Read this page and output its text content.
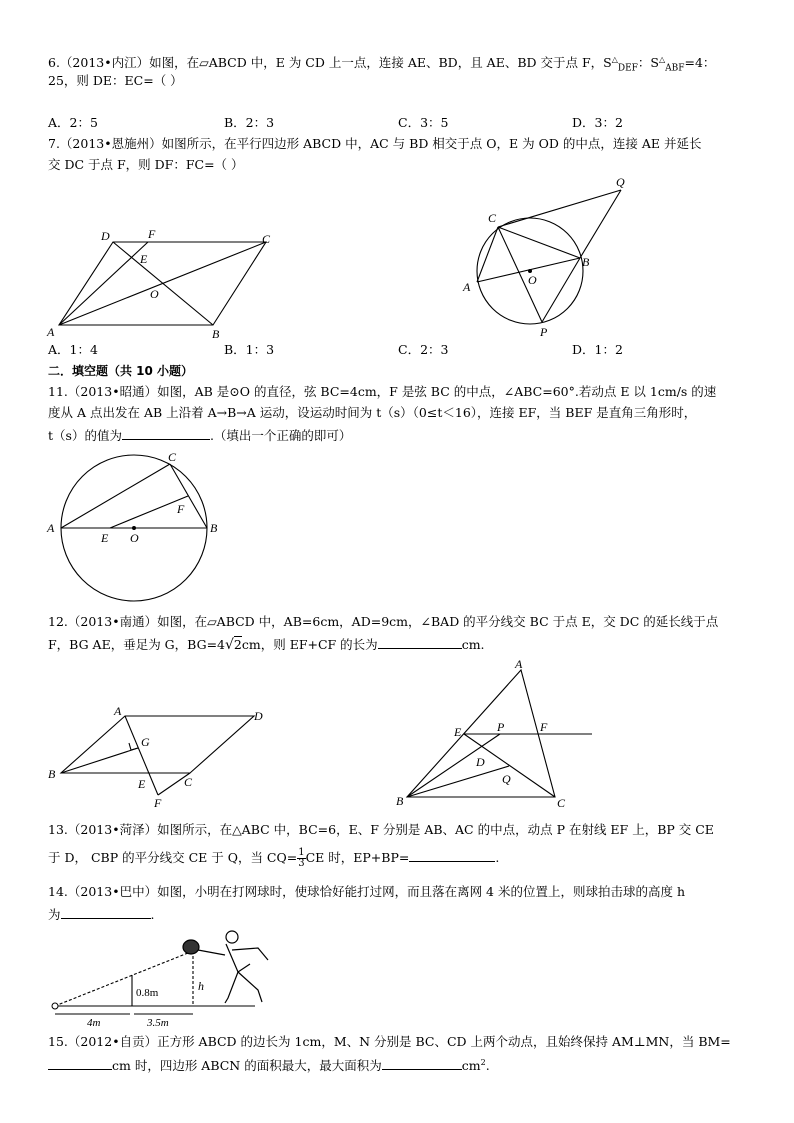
6.（2013•内江）如图，在▱ABCD 中，E 为 CD 上一点，连接 AE、BD，且 AE、BD 交于点 F，$S^\triangle_{DEF}$：$S^\triangle_{ABF}=4$：
25，则 DE：EC=（ ）
A．2：5	B．2：3	C．3：5	D．3：2
7.（2013•恩施州）如图所示，在平行四边形 ABCD 中，AC 与 BD 相交于点 O，E 为 OD 的中点，连接 AE 并延长
交 DC 于点 F，则 DF：FC=（ ）
D	F	C
E
O
A	B
Q
C
B
A	O
P
A．1：4	B．1：3	C．2：3	D．1：2
二．填空题（共 10 小题）
11.（2013•昭通）如图，AB 是⊙O 的直径，弦 BC=4cm，F 是弦 BC 的中点，∠ABC=60°.若动点 E 以 1cm/s 的速
度从 A 点出发在 AB 上沿着 A→B→A 运动，设运动时间为 t（s）（0≤t＜16），连接 EF，当 BEF 是直角三角形时，
t（s）的值为	.（填出一个正确的即可）
C
F
A
E O
B
12.（2013•南通）如图，在▱ABCD 中，AB=6cm，AD=9cm，∠BAD 的平分线交 BC 于点 E，交 DC 的延长线于点
F，BG AE，垂足为 G，BG=4√2cm，则 EF+CF 的长为	cm.
A	D
G
B
E	C
F
A
E	P	F
D
Q
B	C
13.（2013•菏泽）如图所示，在△ABC 中，BC=6，E、F 分别是 AB、AC 的中点，动点 P 在射线 EF 上，BP 交 CE
于 D， CBP 的平分线交 CE 于 Q，当 $CQ= \frac{1}{3}$ CE 时，EP+BP=	.
14.（2013•巴中）如图，小明在打网球时，使球恰好能打过网，而且落在离网 4 米的位置上，则球拍击球的高度 h
为	.
0.8m	h
4m	3.5m
15.（2012•自贡）正方形 ABCD 的边长为 1cm，M、N 分别是 BC、CD 上两个动点，且始终保持 AM⊥MN，当 BM=
cm 时，四边形 ABCN 的面积最大，最大面积为	$cm^2$.
